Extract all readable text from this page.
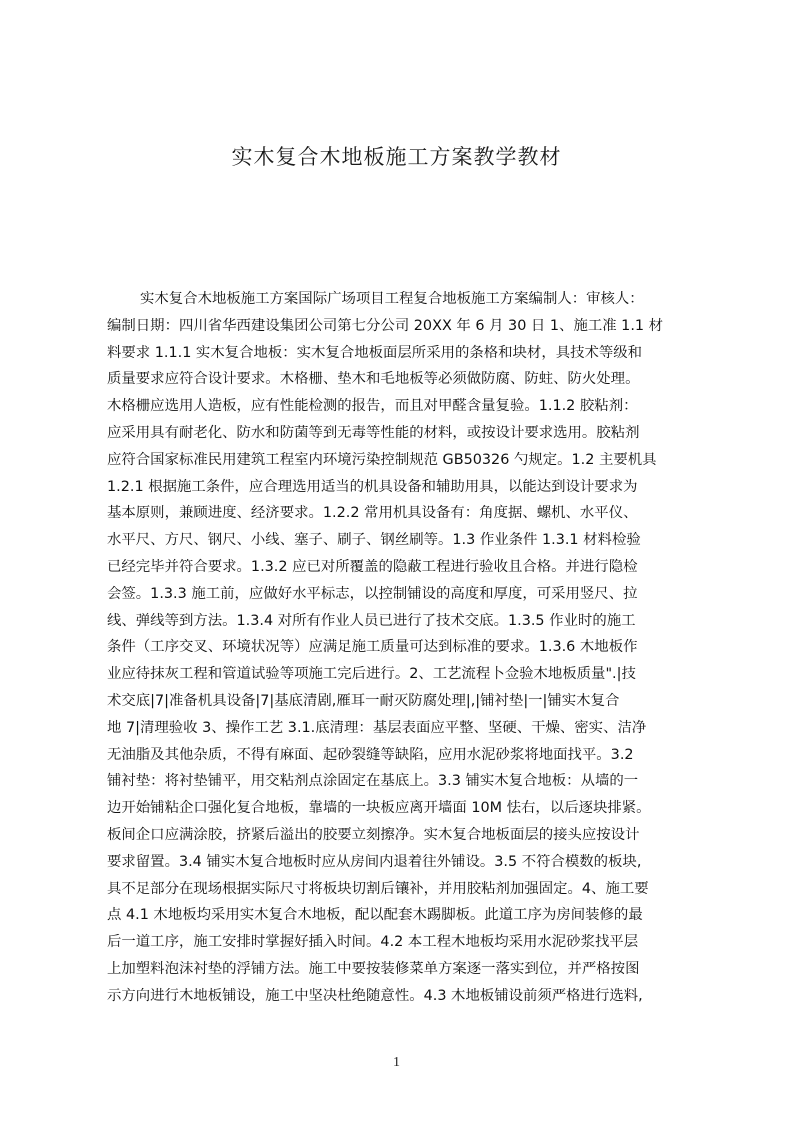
实木复合木地板施工方案教学教材
实木复合木地板施工方案国际广场项目工程复合地板施工方案编制人：审核人：
编制日期：四川省华西建设集团公司第七分公司 20XX 年 6 月 30 日 1、施工准 1.1 材
料要求 1.1.1 实木复合地板：实木复合地板面层所采用的条格和块材，具技术等级和
质量要求应符合设计要求。木格栅、垫木和毛地板等必须做防腐、防蛀、防火处理。
木格栅应选用人造板，应有性能检测的报告，而且对甲醛含量复验。1.1.2 胶粘剂：
应采用具有耐老化、防水和防菌等到无毒等性能的材料，或按设计要求选用。胶粘剂
应符合国家标准民用建筑工程室内环境污染控制规范 GB50326 勺规定。1.2 主要机具
1.2.1 根据施工条件，应合理选用适当的机具设备和辅助用具，以能达到设计要求为
基本原则，兼顾进度、经济要求。1.2.2 常用机具设备有：角度据、螺机、水平仪、
水平尺、方尺、钢尺、小线、塞子、刷子、钢丝刷等。1.3 作业条件 1.3.1 材料检验
已经完毕并符合要求。1.3.2 应已对所覆盖的隐蔽工程进行验收且合格。并进行隐检
会签。1.3.3 施工前，应做好水平标志，以控制铺设的高度和厚度，可采用竖尺、拉
线、弹线等到方法。1.3.4 对所有作业人员已进行了技术交底。1.3.5 作业时的施工
条件（工序交叉、环境状况等）应满足施工质量可达到标准的要求。1.3.6 木地板作
业应待抹灰工程和管道试验等项施工完后进行。2、工艺流程卜佥验木地板质量".|技
术交底|7|准备机具设备|7|基底清剧,雁耳一耐灭防腐处理|,|铺衬垫|一|铺实木复合
地 7|清理验收 3、操作工艺 3.1.底清理：基层表面应平整、坚硬、干燥、密实、洁净
无油脂及其他杂质，不得有麻面、起砂裂缝等缺陷，应用水泥砂浆将地面找平。3.2
铺衬垫：将衬垫铺平，用交粘剂点涂固定在基底上。3.3 铺实木复合地板：从墙的一
边开始铺粘企口强化复合地板，靠墙的一块板应离开墙面 10M 怯右，以后逐块排紧。
板间企口应满涂胶，挤紧后溢出的胶要立刻擦净。实木复合地板面层的接头应按设计
要求留置。3.4 铺实木复合地板时应从房间内退着往外铺设。3.5 不符合模数的板块,
具不足部分在现场根据实际尺寸将板块切割后镶补，并用胶粘剂加强固定。4、施工要
点 4.1 木地板均采用实木复合木地板，配以配套木踢脚板。此道工序为房间装修的最
后一道工序，施工安排时掌握好插入时间。4.2 本工程木地板均采用水泥砂浆找平层
上加塑料泡沫衬垫的浮铺方法。施工中要按装修菜单方案逐一落实到位，并严格按图
示方向进行木地板铺设，施工中坚决杜绝随意性。4.3 木地板铺设前须严格进行选料,
1
